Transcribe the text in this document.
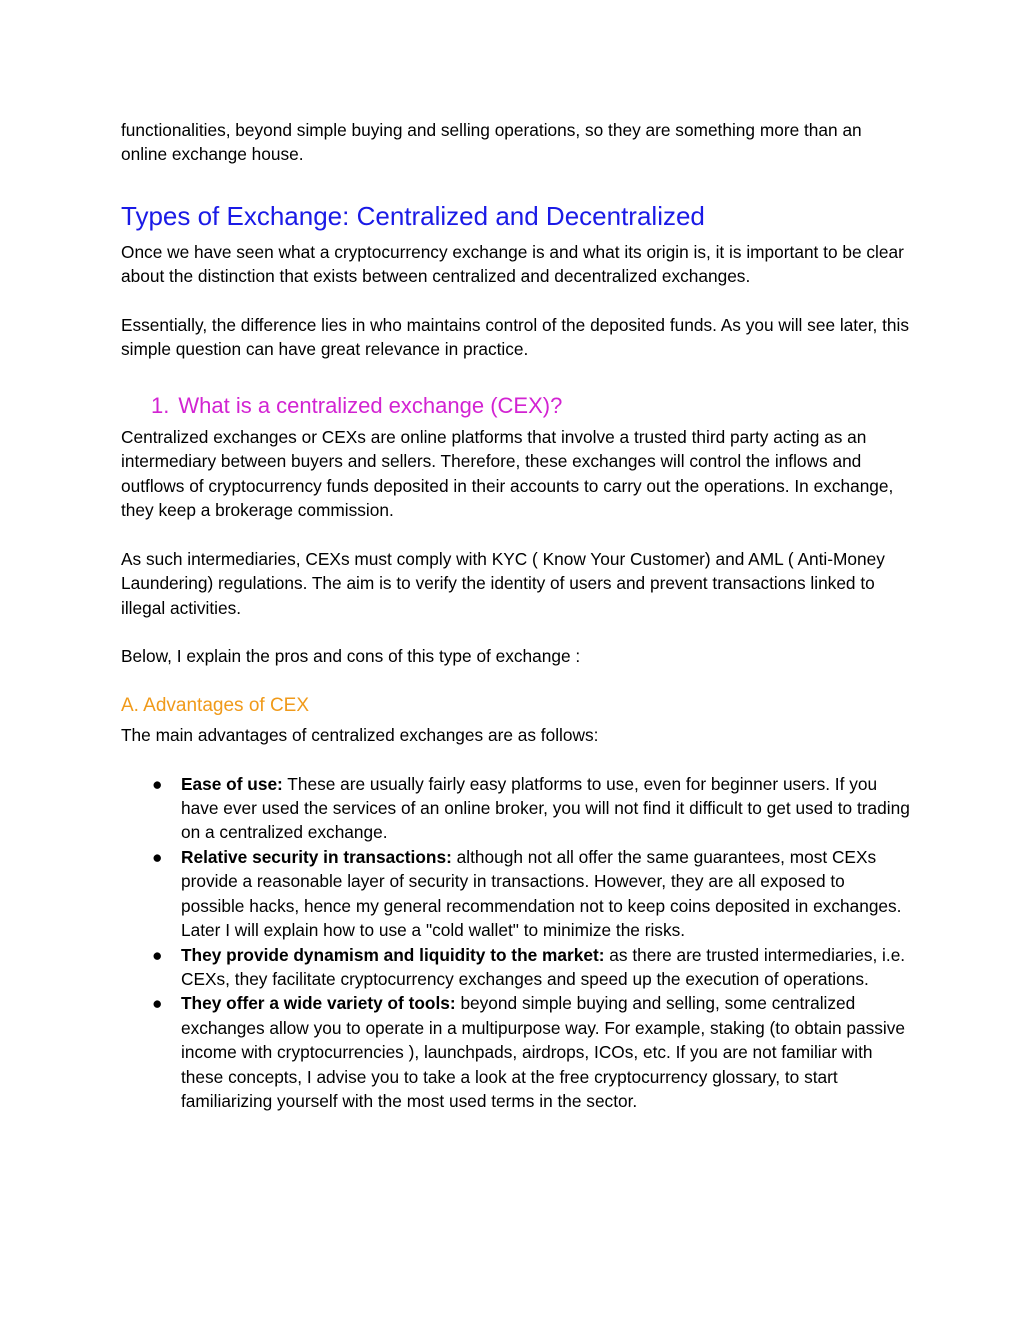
functionalities, beyond simple buying and selling operations, so they are something more than an online exchange house.

Types of Exchange: Centralized and Decentralized

Once we have seen what a cryptocurrency exchange is and what its origin is, it is important to be clear about the distinction that exists between centralized and decentralized exchanges.

Essentially, the difference lies in who maintains control of the deposited funds. As you will see later, this simple question can have great relevance in practice.

1. What is a centralized exchange (CEX)?

Centralized exchanges or CEXs are online platforms that involve a trusted third party acting as an intermediary between buyers and sellers. Therefore, these exchanges will control the inflows and outflows of cryptocurrency funds deposited in their accounts to carry out the operations. In exchange, they keep a brokerage commission.

As such intermediaries, CEXs must comply with KYC ( Know Your Customer) and AML ( Anti-Money Laundering) regulations. The aim is to verify the identity of users and prevent transactions linked to illegal activities.

Below, I explain the pros and cons of this type of exchange :

A. Advantages of CEX

The main advantages of centralized exchanges are as follows:

● Ease of use: These are usually fairly easy platforms to use, even for beginner users. If you have ever used the services of an online broker, you will not find it difficult to get used to trading on a centralized exchange.
● Relative security in transactions: although not all offer the same guarantees, most CEXs provide a reasonable layer of security in transactions. However, they are all exposed to possible hacks, hence my general recommendation not to keep coins deposited in exchanges. Later I will explain how to use a "cold wallet" to minimize the risks.
● They provide dynamism and liquidity to the market: as there are trusted intermediaries, i.e. CEXs, they facilitate cryptocurrency exchanges and speed up the execution of operations.
● They offer a wide variety of tools: beyond simple buying and selling, some centralized exchanges allow you to operate in a multipurpose way. For example, staking (to obtain passive income with cryptocurrencies ), launchpads, airdrops, ICOs, etc. If you are not familiar with these concepts, I advise you to take a look at the free cryptocurrency glossary, to start familiarizing yourself with the most used terms in the sector.
